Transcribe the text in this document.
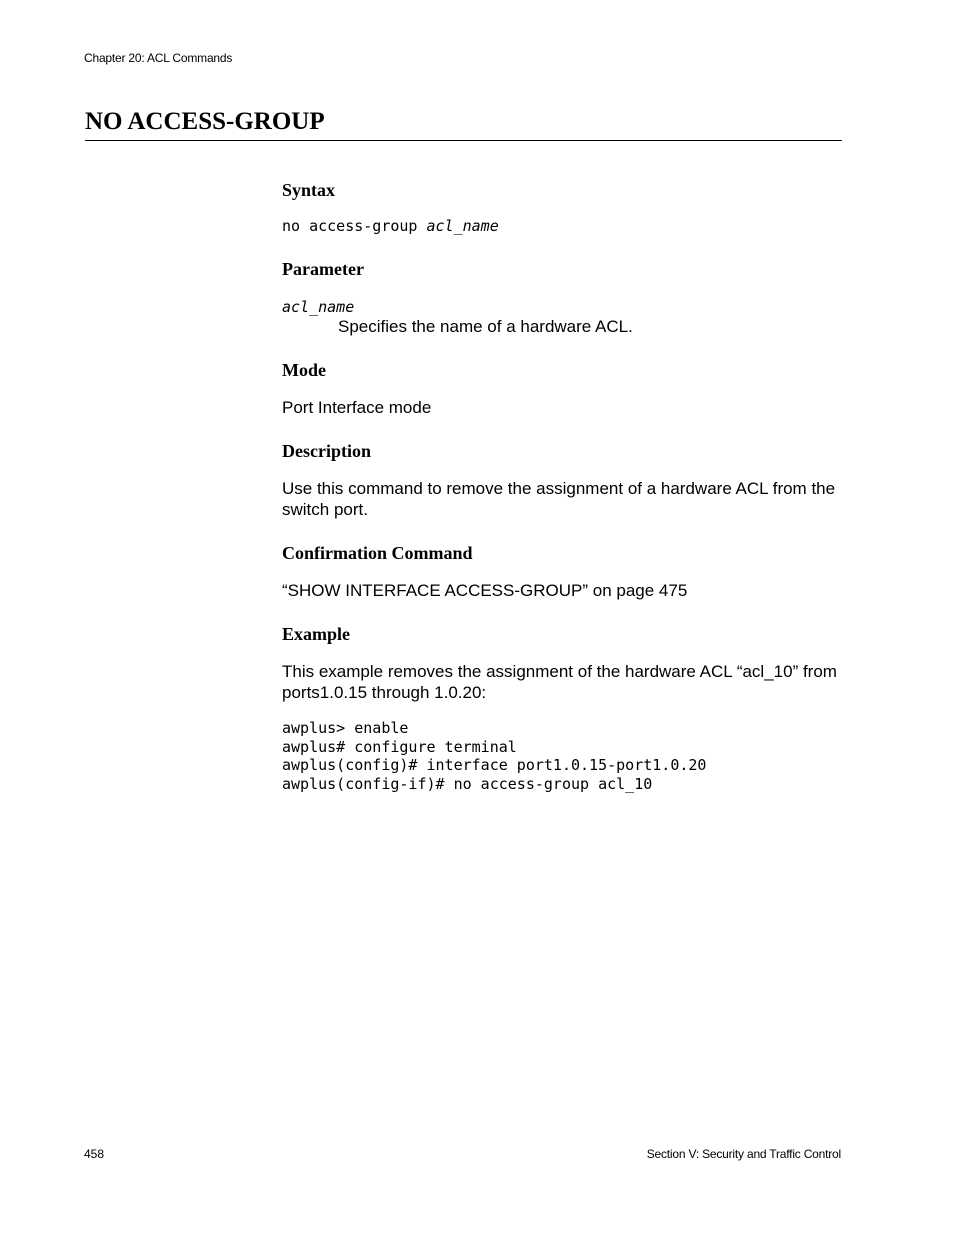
Chapter 20: ACL Commands
NO ACCESS-GROUP
Syntax
no access-group acl_name
Parameter
acl_name
Specifies the name of a hardware ACL.
Mode
Port Interface mode
Description
Use this command to remove the assignment of a hardware ACL from the switch port.
Confirmation Command
“SHOW INTERFACE ACCESS-GROUP” on page 475
Example
This example removes the assignment of the hardware ACL “acl_10” from ports1.0.15 through 1.0.20:
awplus> enable
awplus# configure terminal
awplus(config)# interface port1.0.15-port1.0.20
awplus(config-if)# no access-group acl_10
458	Section V: Security and Traffic Control
